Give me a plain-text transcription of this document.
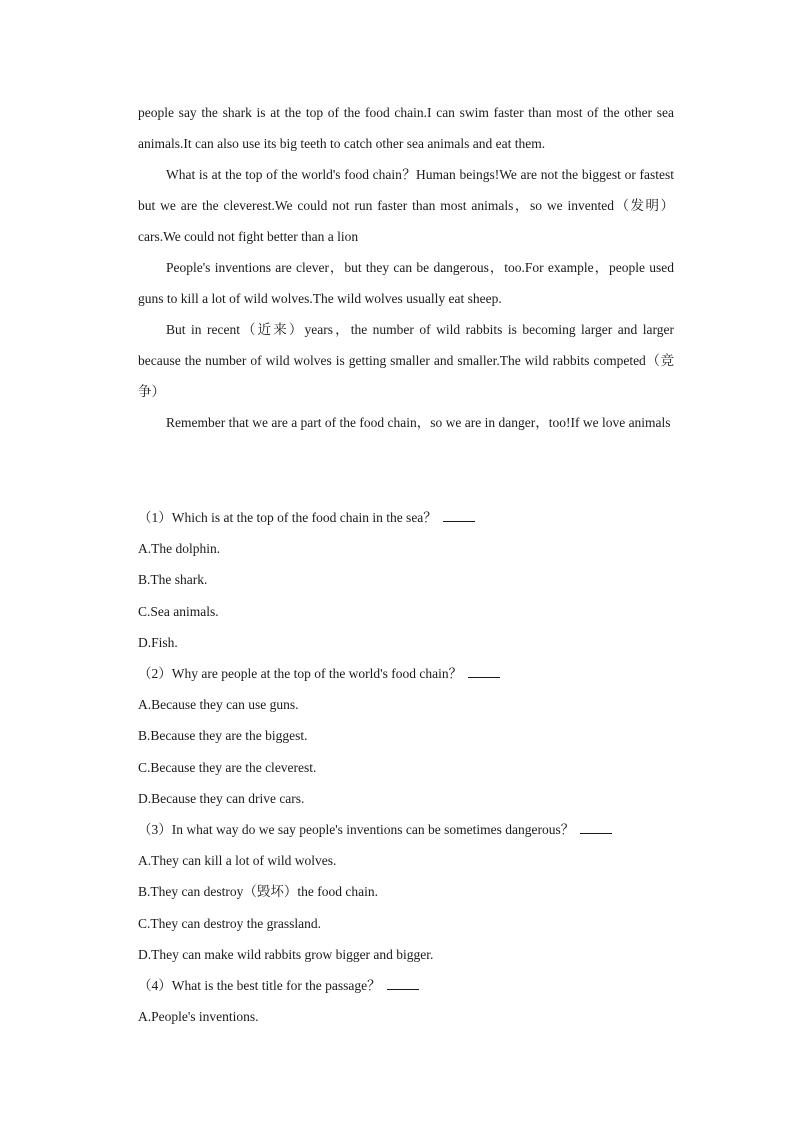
people say the shark is at the top of the food chain.I can swim faster than most of the other sea animals.It can also use its big teeth to catch other sea animals and eat them.

What is at the top of the world's food chain？Human beings!We are not the biggest or fastest but we are the cleverest.We could not run faster than most animals，so we invented（发明）cars.We could not fight better than a lion

People's inventions are clever，but they can be dangerous，too.For example，people used guns to kill a lot of wild wolves.The wild wolves usually eat sheep.

But in recent（近来）years，the number of wild rabbits is becoming larger and larger because the number of wild wolves is getting smaller and smaller.The wild rabbits competed（竞争）

Remember that we are a part of the food chain，so we are in danger，too!If we love animals

（1）Which is at the top of the food chain in the sea？
A.The dolphin.
B.The shark.
C.Sea animals.
D.Fish.
（2）Why are people at the top of the world's food chain？
A.Because they can use guns.
B.Because they are the biggest.
C.Because they are the cleverest.
D.Because they can drive cars.
（3）In what way do we say people's inventions can be sometimes dangerous？
A.They can kill a lot of wild wolves.
B.They can destroy（毁坏）the food chain.
C.They can destroy the grassland.
D.They can make wild rabbits grow bigger and bigger.
（4）What is the best title for the passage？
A.People's inventions.
